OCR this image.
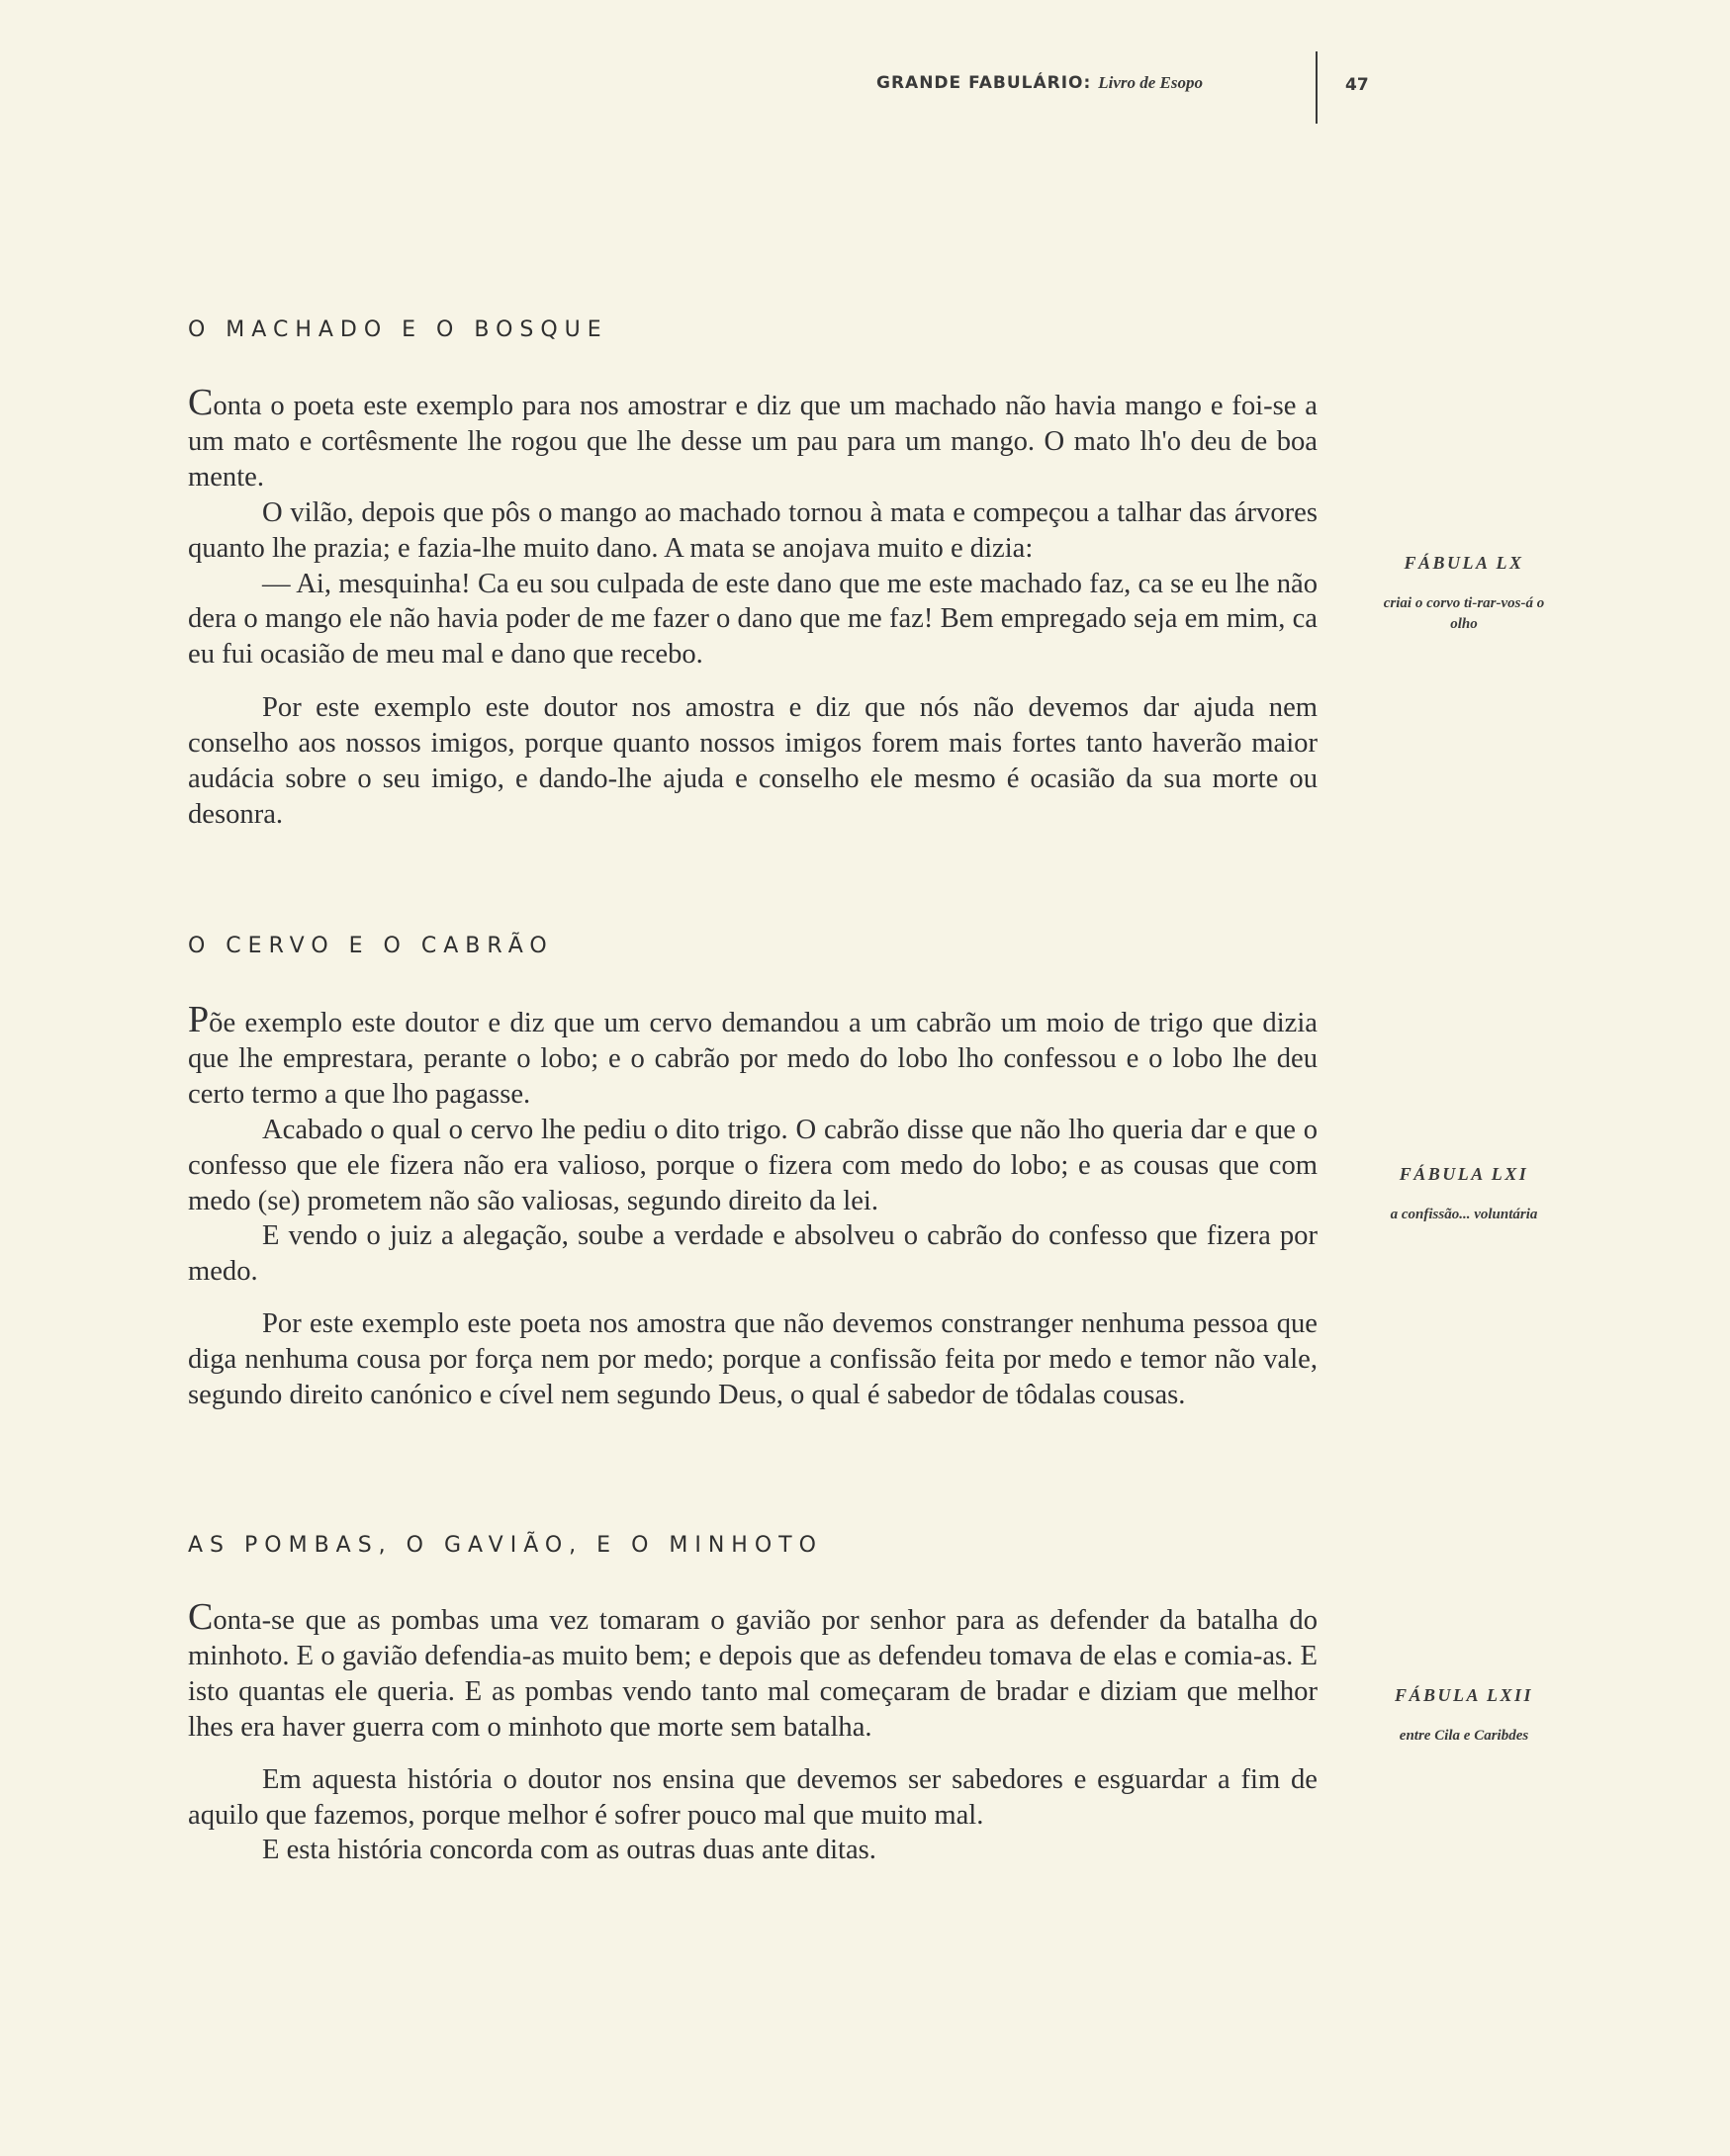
GRANDE FABULÁRIO: Livro de Esopo	47
O MACHADO E O BOSQUE

Conta o poeta este exemplo para nos amostrar e diz que um machado não havia mango e foi-se a um mato e cortêsmente lhe rogou que lhe desse um pau para um mango. O mato lh'o deu de boa mente.

O vilão, depois que pôs o mango ao machado tornou à mata e compeçou a talhar das árvores quanto lhe prazia; e fazia-lhe muito dano. A mata se anojava muito e dizia:

— Ai, mesquinha! Ca eu sou culpada de este dano que me este machado faz, ca se eu lhe não dera o mango ele não havia poder de me fazer o dano que me faz! Bem empregado seja em mim, ca eu fui ocasião de meu mal e dano que recebo.

Por este exemplo este doutor nos amostra e diz que nós não devemos dar ajuda nem conselho aos nossos imigos, porque quanto nossos imigos forem mais fortes tanto haverão maior audácia sobre o seu imigo, e dando-lhe ajuda e conselho ele mesmo é ocasião da sua morte ou desonra.

FÁBULA LX
criai o corvo ti-rar-vos-á o olho
O CERVO E O CABRÃO

Põe exemplo este doutor e diz que um cervo demandou a um cabrão um moio de trigo que dizia que lhe emprestara, perante o lobo; e o cabrão por medo do lobo lho confessou e o lobo lhe deu certo termo a que lho pagasse.

Acabado o qual o cervo lhe pediu o dito trigo. O cabrão disse que não lho queria dar e que o confesso que ele fizera não era valioso, porque o fizera com medo do lobo; e as cousas que com medo (se) prometem não são valiosas, segundo direito da lei.

E vendo o juiz a alegação, soube a verdade e absolveu o cabrão do confesso que fizera por medo.

Por este exemplo este poeta nos amostra que não devemos constranger nenhuma pessoa que diga nenhuma cousa por força nem por medo; porque a confissão feita por medo e temor não vale, segundo direito canónico e cível nem segundo Deus, o qual é sabedor de tôdalas cousas.

FÁBULA LXI
a confissão... voluntária
AS POMBAS, O GAVIÃO, E O MINHOTO

Conta-se que as pombas uma vez tomaram o gavião por senhor para as defender da batalha do minhoto. E o gavião defendia-as muito bem; e depois que as defendeu tomava de elas e comia-as. E isto quantas ele queria. E as pombas vendo tanto mal começaram de bradar e diziam que melhor lhes era haver guerra com o minhoto que morte sem batalha.

Em aquesta história o doutor nos ensina que devemos ser sabedores e esguardar a fim de aquilo que fazemos, porque melhor é sofrer pouco mal que muito mal.

E esta história concorda com as outras duas ante ditas.

FÁBULA LXII
entre Cila e Caribdes
